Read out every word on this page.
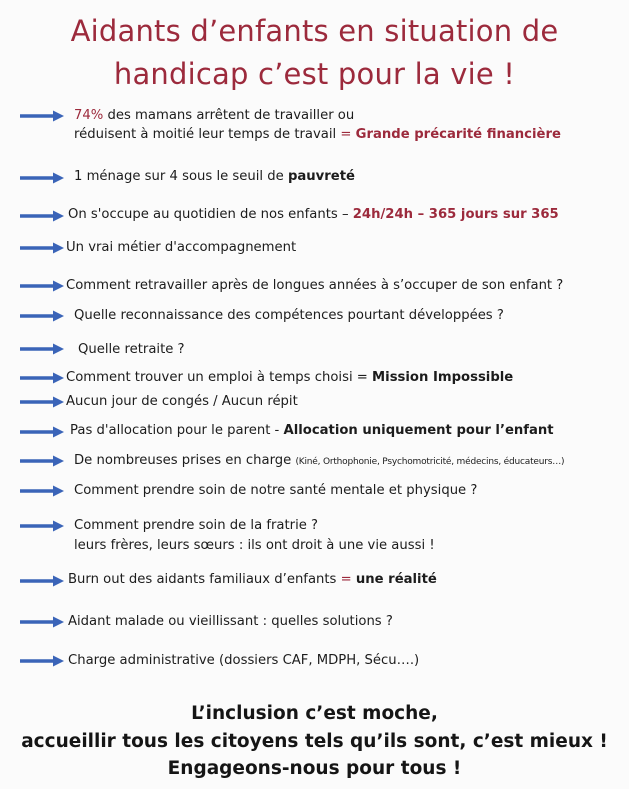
Aidants d’enfants en situation de
handicap c’est pour la vie !
74% des mamans arrêtent de travailler ou
réduisent à moitié leur temps de travail = Grande précarité financière
1 ménage sur 4 sous le seuil de pauvreté
On s'occupe au quotidien de nos enfants – 24h/24h – 365 jours sur 365
Un vrai métier d'accompagnement
Comment retravailler après de longues années à s’occuper de son enfant ?
Quelle reconnaissance des compétences pourtant développées ?
Quelle retraite ?
Comment trouver un emploi à temps choisi = Mission Impossible
Aucun jour de congés / Aucun répit
Pas d'allocation pour le parent - Allocation uniquement pour l’enfant
De nombreuses prises en charge (Kiné, Orthophonie, Psychomotricité, médecins, éducateurs…)
Comment prendre soin de notre santé mentale et physique ?
Comment prendre soin de la fratrie ?
leurs frères, leurs sœurs : ils ont droit à une vie aussi !
Burn out des aidants familiaux d’enfants = une réalité
Aidant malade ou vieillissant : quelles solutions ?
Charge administrative (dossiers CAF, MDPH, Sécu….)
L’inclusion c’est moche,
accueillir tous les citoyens tels qu’ils sont, c’est mieux !
Engageons-nous pour tous !
